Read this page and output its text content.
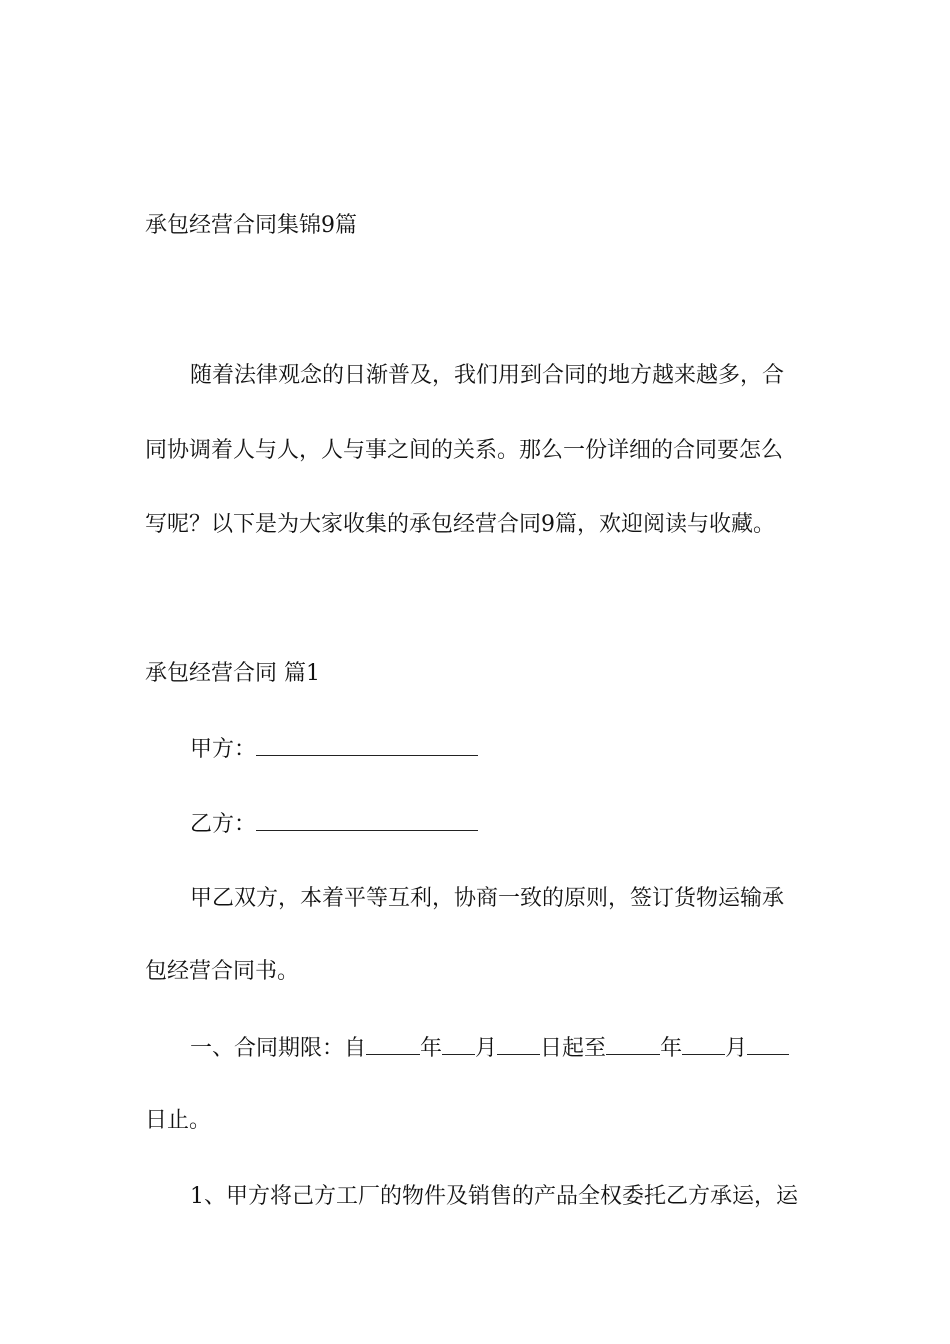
承包经营合同集锦9篇
随着法律观念的日渐普及，我们用到合同的地方越来越多，合
同协调着人与人，人与事之间的关系。那么一份详细的合同要怎么
写呢？以下是为大家收集的承包经营合同9篇，欢迎阅读与收藏。
承包经营合同 篇1
甲方：
乙方：
甲乙双方，本着平等互利，协商一致的原则，签订货物运输承
包经营合同书。
一、合同期限：自 年 月 日起至 年 月
日止。
1、甲方将己方工厂的物件及销售的产品全权委托乙方承运，运
